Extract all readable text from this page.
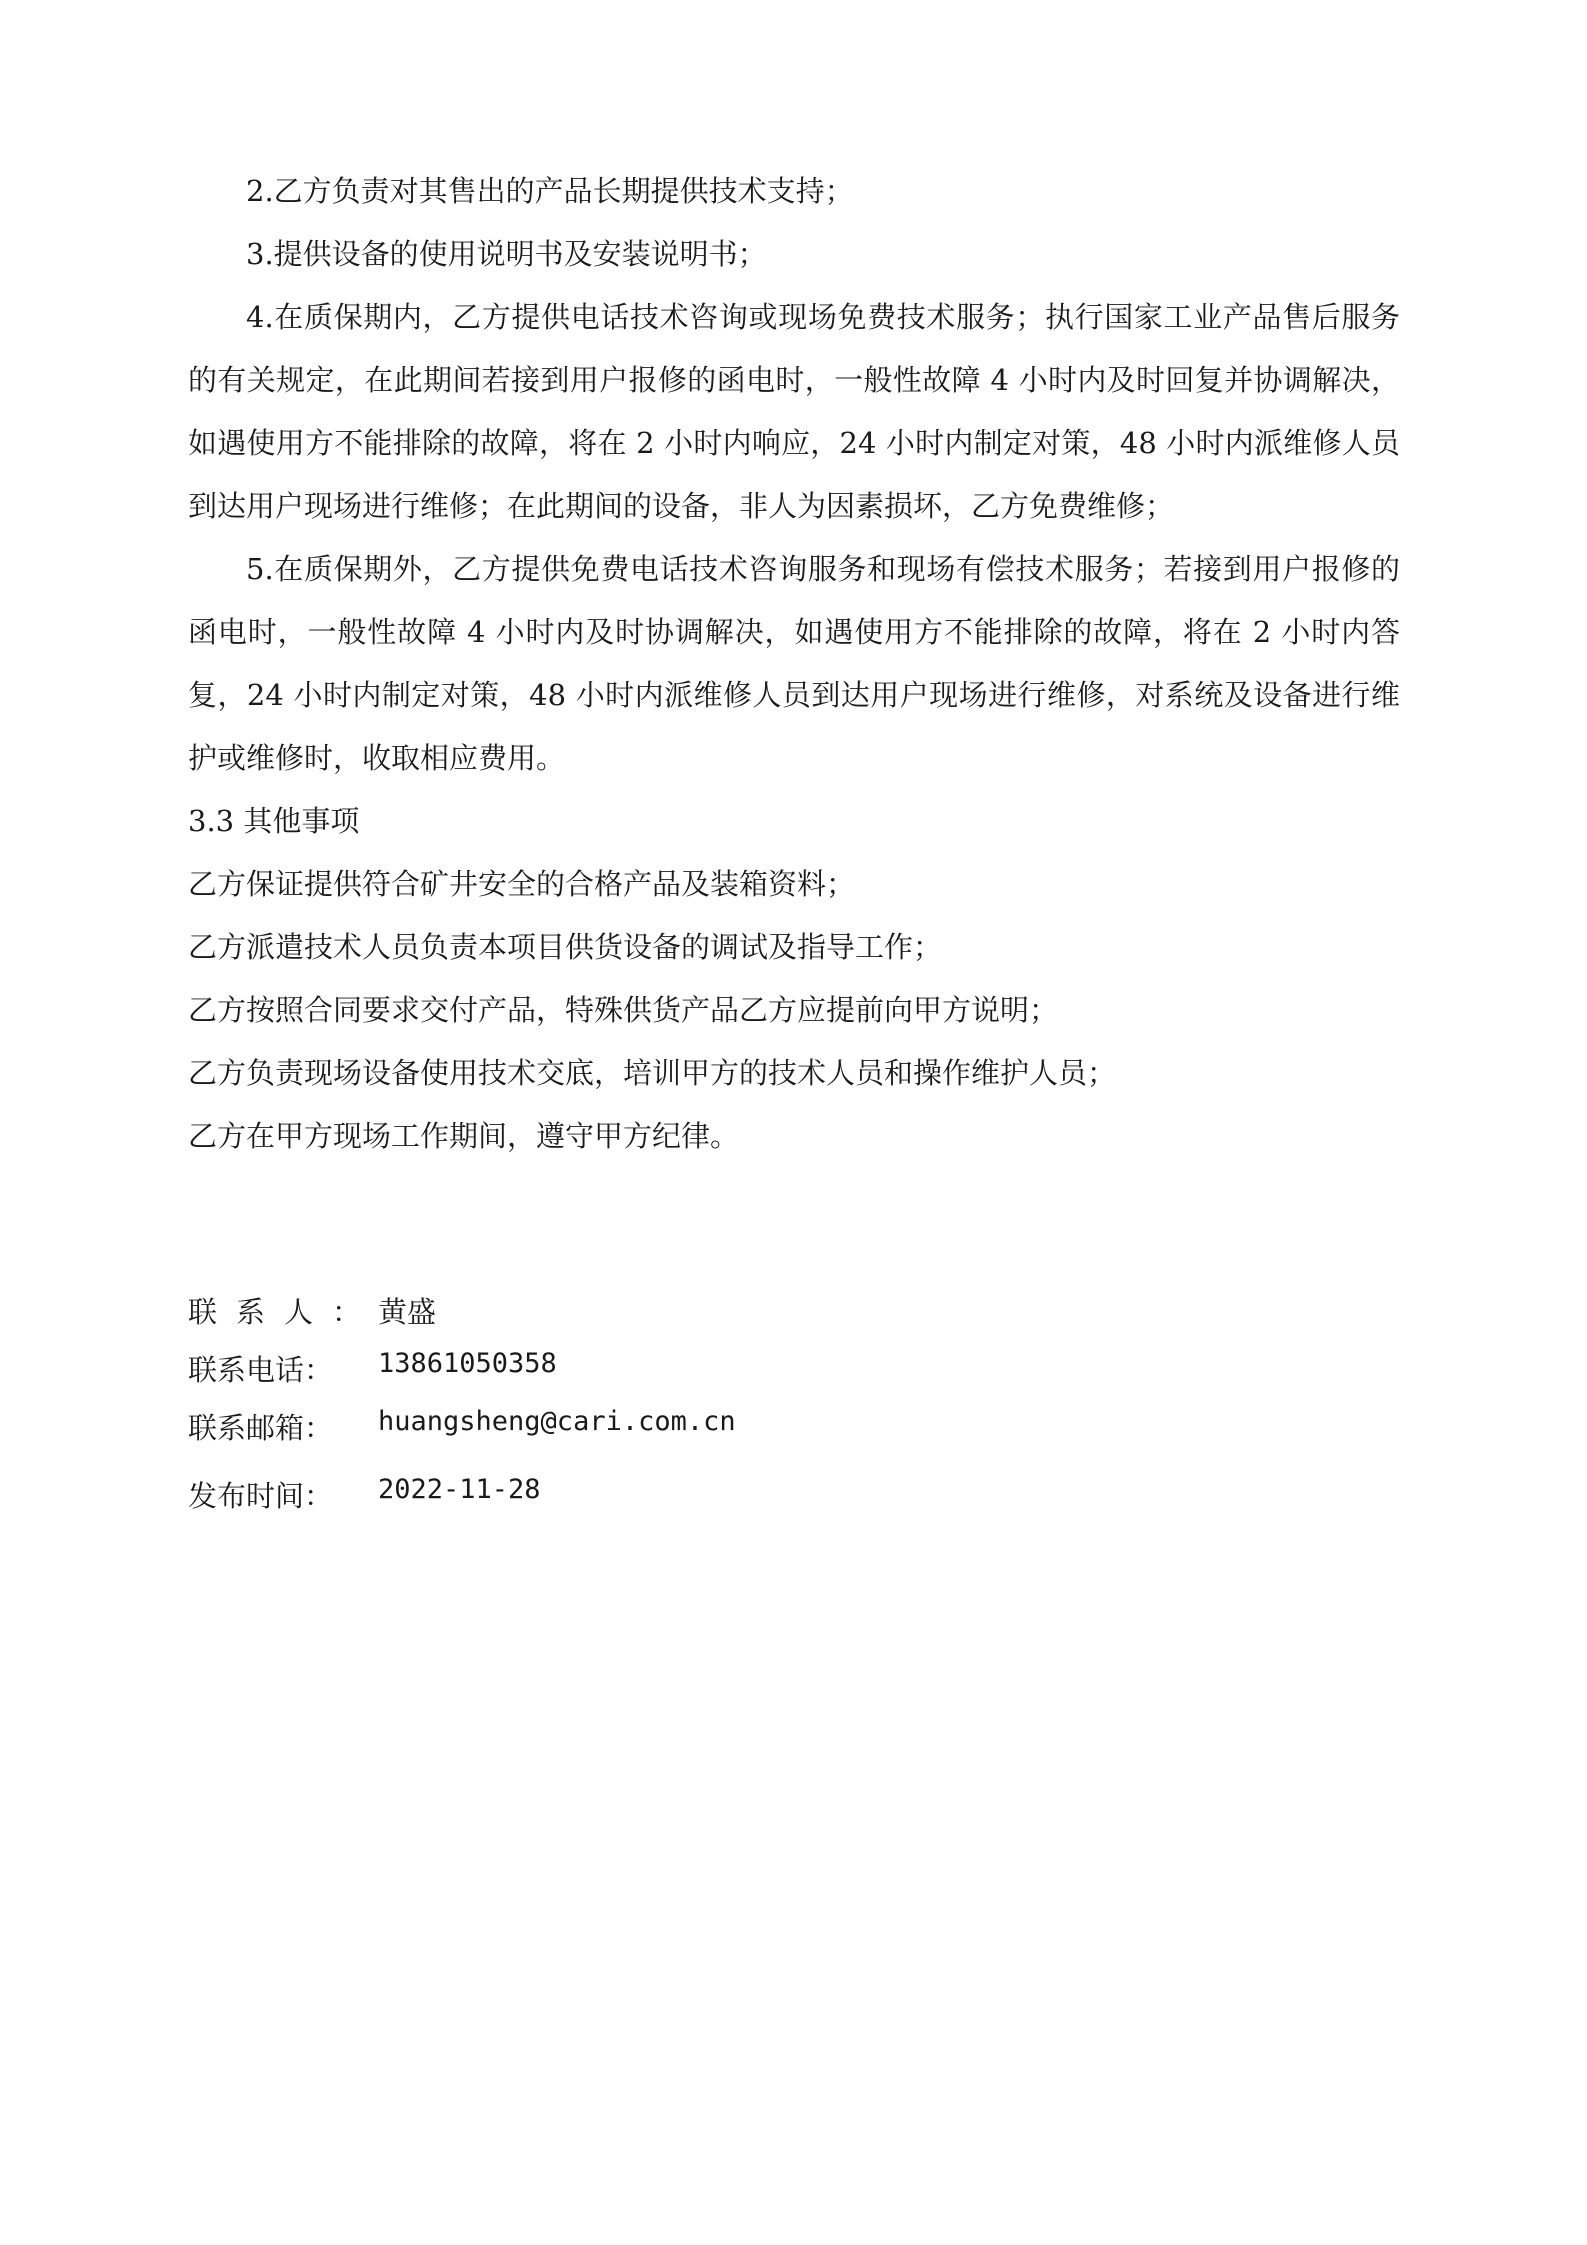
2.乙方负责对其售出的产品长期提供技术支持；

3.提供设备的使用说明书及安装说明书；

4.在质保期内，乙方提供电话技术咨询或现场免费技术服务；执行国家工业产品售后服务的有关规定，在此期间若接到用户报修的函电时，一般性故障 4 小时内及时回复并协调解决，如遇使用方不能排除的故障，将在 2 小时内响应，24 小时内制定对策，48 小时内派维修人员到达用户现场进行维修；在此期间的设备，非人为因素损坏，乙方免费维修；

5.在质保期外，乙方提供免费电话技术咨询服务和现场有偿技术服务；若接到用户报修的函电时，一般性故障 4 小时内及时协调解决，如遇使用方不能排除的故障，将在 2 小时内答复，24 小时内制定对策，48 小时内派维修人员到达用户现场进行维修，对系统及设备进行维护或维修时，收取相应费用。

3.3 其他事项

乙方保证提供符合矿井安全的合格产品及装箱资料；

乙方派遣技术人员负责本项目供货设备的调试及指导工作；

乙方按照合同要求交付产品，特殊供货产品乙方应提前向甲方说明；

乙方负责现场设备使用技术交底，培训甲方的技术人员和操作维护人员；

乙方在甲方现场工作期间，遵守甲方纪律。

联系人：
黄盛
联系电话： 13861050358
联系邮箱： huangsheng@cari.com.cn
发布时间： 2022-11-28
